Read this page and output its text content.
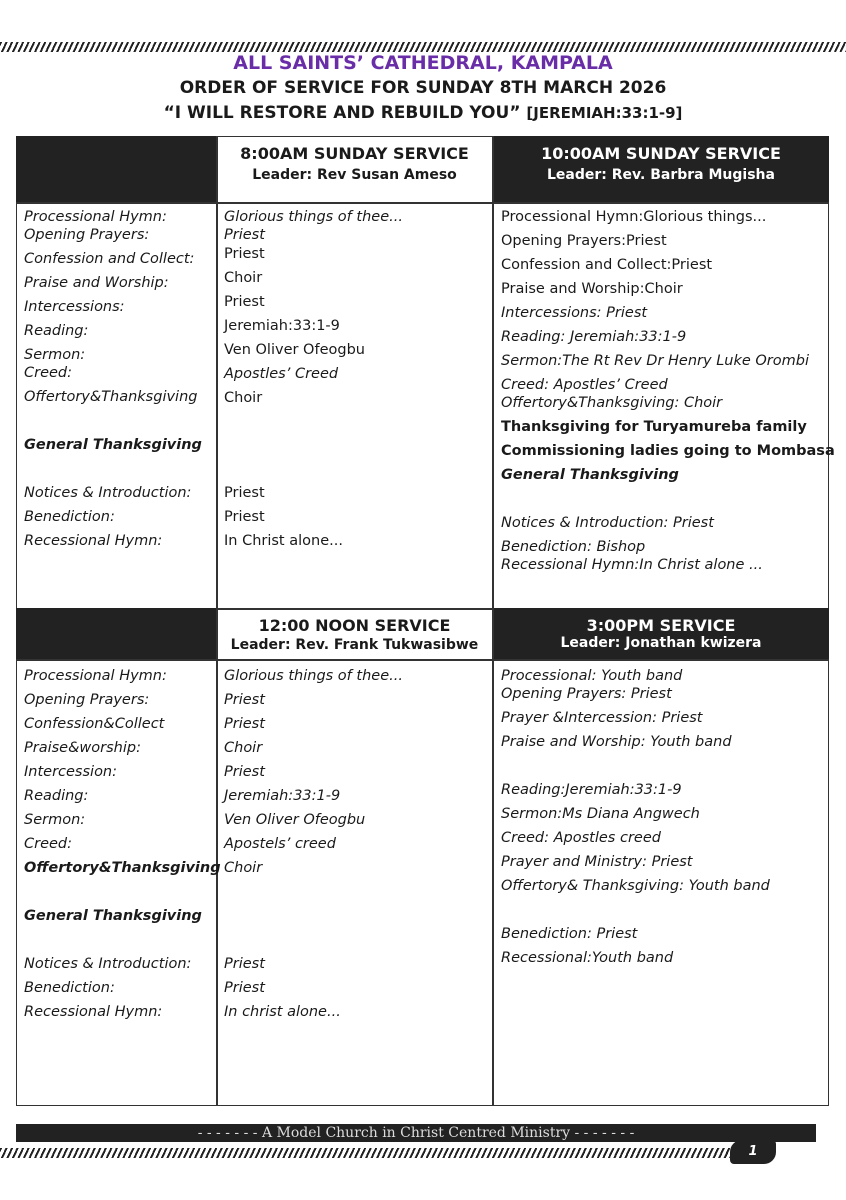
ALL SAINTS’ CATHEDRAL, KAMPALA
ORDER OF SERVICE FOR SUNDAY 8TH MARCH 2026
“I WILL RESTORE AND REBUILD YOU” [JEREMIAH:33:1-9]
8:00AM SUNDAY SERVICE
Leader: Rev Susan Ameso
10:00AM SUNDAY SERVICE
Leader: Rev. Barbra Mugisha
Processional Hymn:
Opening Prayers:
Confession and Collect:
Praise and Worship:
Intercessions:
Reading:
Sermon:
Creed:
Offertory&Thanksgiving
General Thanksgiving
Notices & Introduction:
Benediction:
Recessional Hymn:
Glorious things of thee...
Priest
Priest
Choir
Priest
Jeremiah:33:1-9
Ven Oliver Ofeogbu
Apostles’ Creed
Choir
Priest
Priest
In Christ alone...
Processional Hymn:Glorious things...
Opening Prayers:Priest
Confession and Collect:Priest
Praise and Worship:Choir
Intercessions: Priest
Reading: Jeremiah:33:1-9
Sermon:The Rt Rev Dr Henry Luke Orombi
Creed: Apostles’ Creed
Offertory&Thanksgiving: Choir
Thanksgiving for Turyamureba family
Commissioning ladies going to Mombasa
General Thanksgiving
Notices & Introduction: Priest
Benediction: Bishop
Recessional Hymn:In Christ alone ...
12:00 NOON SERVICE
Leader: Rev. Frank Tukwasibwe
3:00PM SERVICE
Leader: Jonathan kwizera
Processional Hymn:
Opening Prayers:
Confession&Collect
Praise&worship:
Intercession:
Reading:
Sermon:
Creed:
Offertory&Thanksgiving
General Thanksgiving
Notices & Introduction:
Benediction:
Recessional Hymn:
Glorious things of thee...
Priest
Priest
Choir
Priest
Jeremiah:33:1-9
Ven Oliver Ofeogbu
Apostels’ creed
Choir
Priest
Priest
In christ alone...
Processional: Youth band
Opening Prayers: Priest
Prayer &Intercession: Priest
Praise and Worship: Youth band
Reading:Jeremiah:33:1-9
Sermon:Ms Diana Angwech
Creed: Apostles creed
Prayer and Ministry: Priest
Offertory& Thanksgiving: Youth band
Benediction: Priest
Recessional:Youth band
- - - - - - - A Model Church in Christ Centred Ministry - - - - - - -
1
